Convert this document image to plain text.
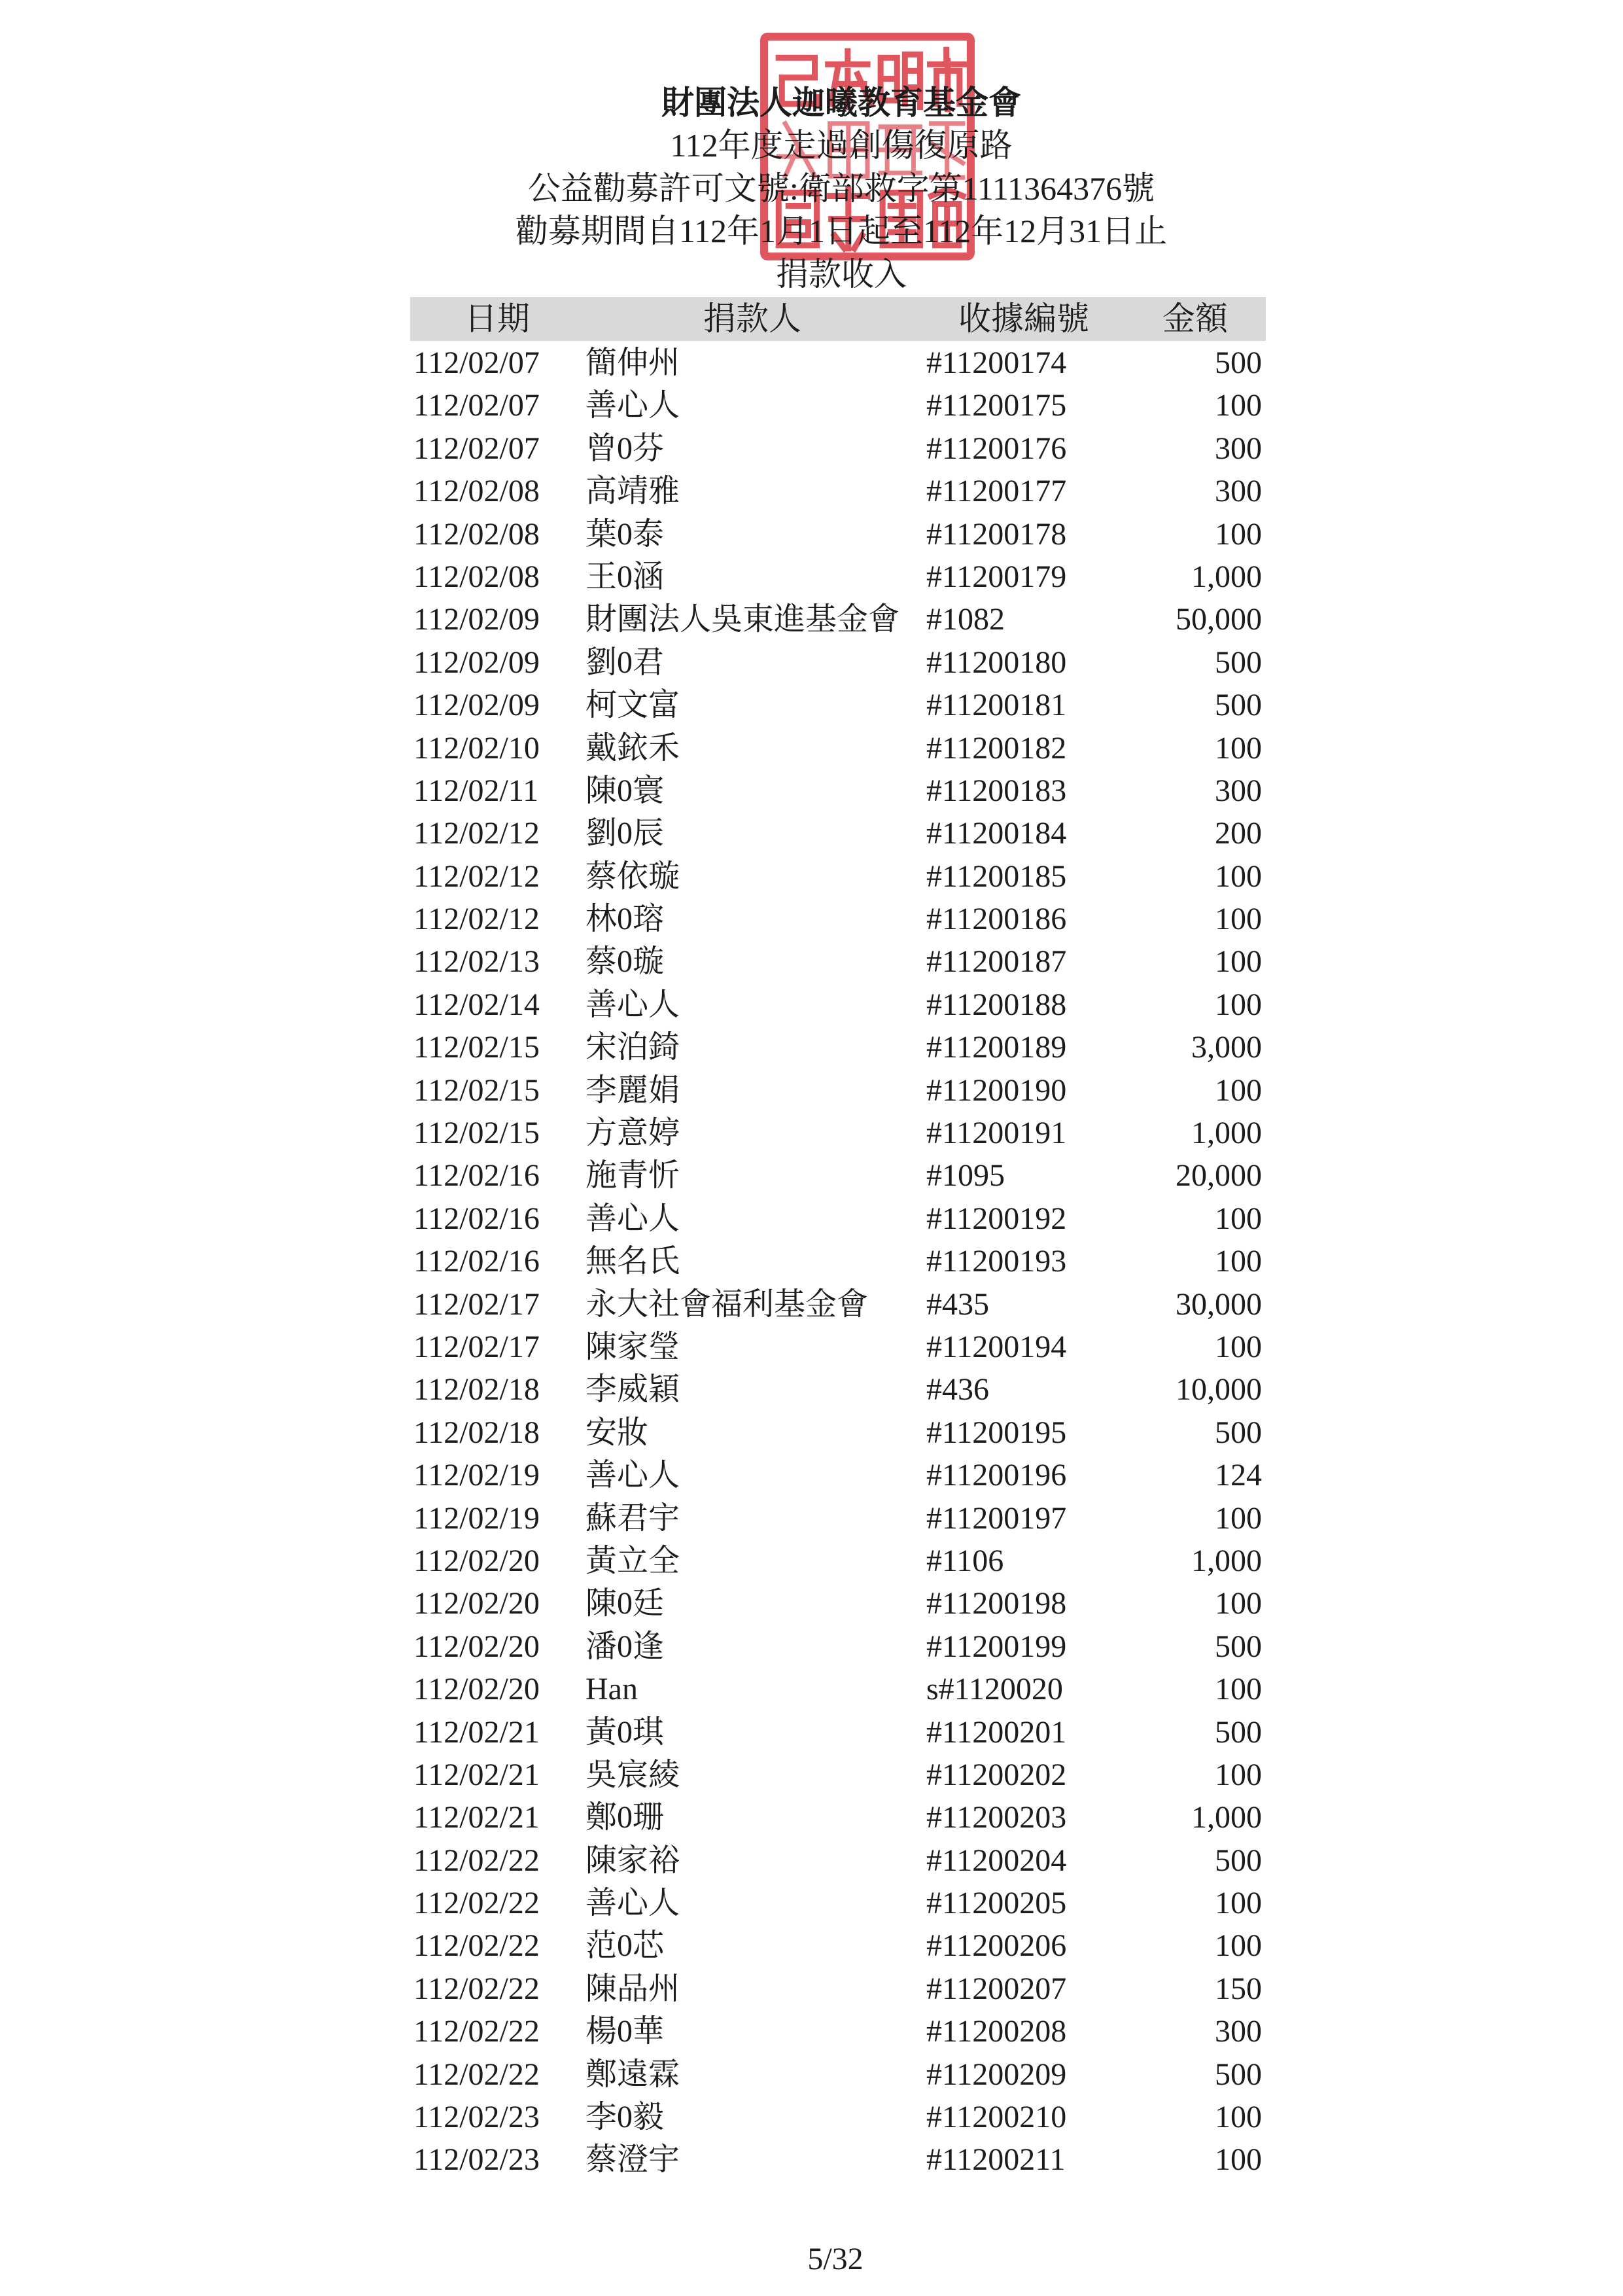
財團法人迦曦教育基金會
112年度走過創傷復原路
公益勸募許可文號:衛部救字第1111364376號
勸募期間自112年1月1日起至112年12月31日止
捐款收入
日期	捐款人	收據編號	金額
112/02/07 簡伸州	#11200174	500
112/02/07 善心人	#11200175	100
112/02/07 曾0芬	#11200176	300
112/02/08 高靖雅	#11200177	300
112/02/08 葉0泰	#11200178	100
112/02/08 王0涵	#11200179	1,000
112/02/09 財團法人吳東進基金會 #1082	50,000
112/02/09 劉0君	#11200180	500
112/02/09 柯文富	#11200181	500
112/02/10 戴銥禾	#11200182	100
112/02/11 陳0寰	#11200183	300
112/02/12 劉0辰	#11200184	200
112/02/12 蔡依璇	#11200185	100
112/02/12 林0瑢	#11200186	100
112/02/13 蔡0璇	#11200187	100
112/02/14 善心人	#11200188	100
112/02/15 宋泊錡	#11200189	3,000
112/02/15 李麗娟	#11200190	100
112/02/15 方意婷	#11200191	1,000
112/02/16 施青忻	#1095	20,000
112/02/16 善心人	#11200192	100
112/02/16 無名氏	#11200193	100
112/02/17 永大社會福利基金會 #435	30,000
112/02/17 陳家瑩	#11200194	100
112/02/18 李威穎	#436	10,000
112/02/18 安妝	#11200195	500
112/02/19 善心人	#11200196	124
112/02/19 蘇君宇	#11200197	100
112/02/20 黃立全	#1106	1,000
112/02/20 陳0廷	#11200198	100
112/02/20 潘0逢	#11200199	500
112/02/20 Han	s#1120020	100
112/02/21 黃0琪	#11200201	500
112/02/21 吳宸綾	#11200202	100
112/02/21 鄭0珊	#11200203	1,000
112/02/22 陳家裕	#11200204	500
112/02/22 善心人	#11200205	100
112/02/22 范0芯	#11200206	100
112/02/22 陳品州	#11200207	150
112/02/22 楊0華	#11200208	300
112/02/22 鄭遠霖	#11200209	500
112/02/23 李0毅	#11200210	100
112/02/23 蔡澄宇	#11200211	100
5/32
